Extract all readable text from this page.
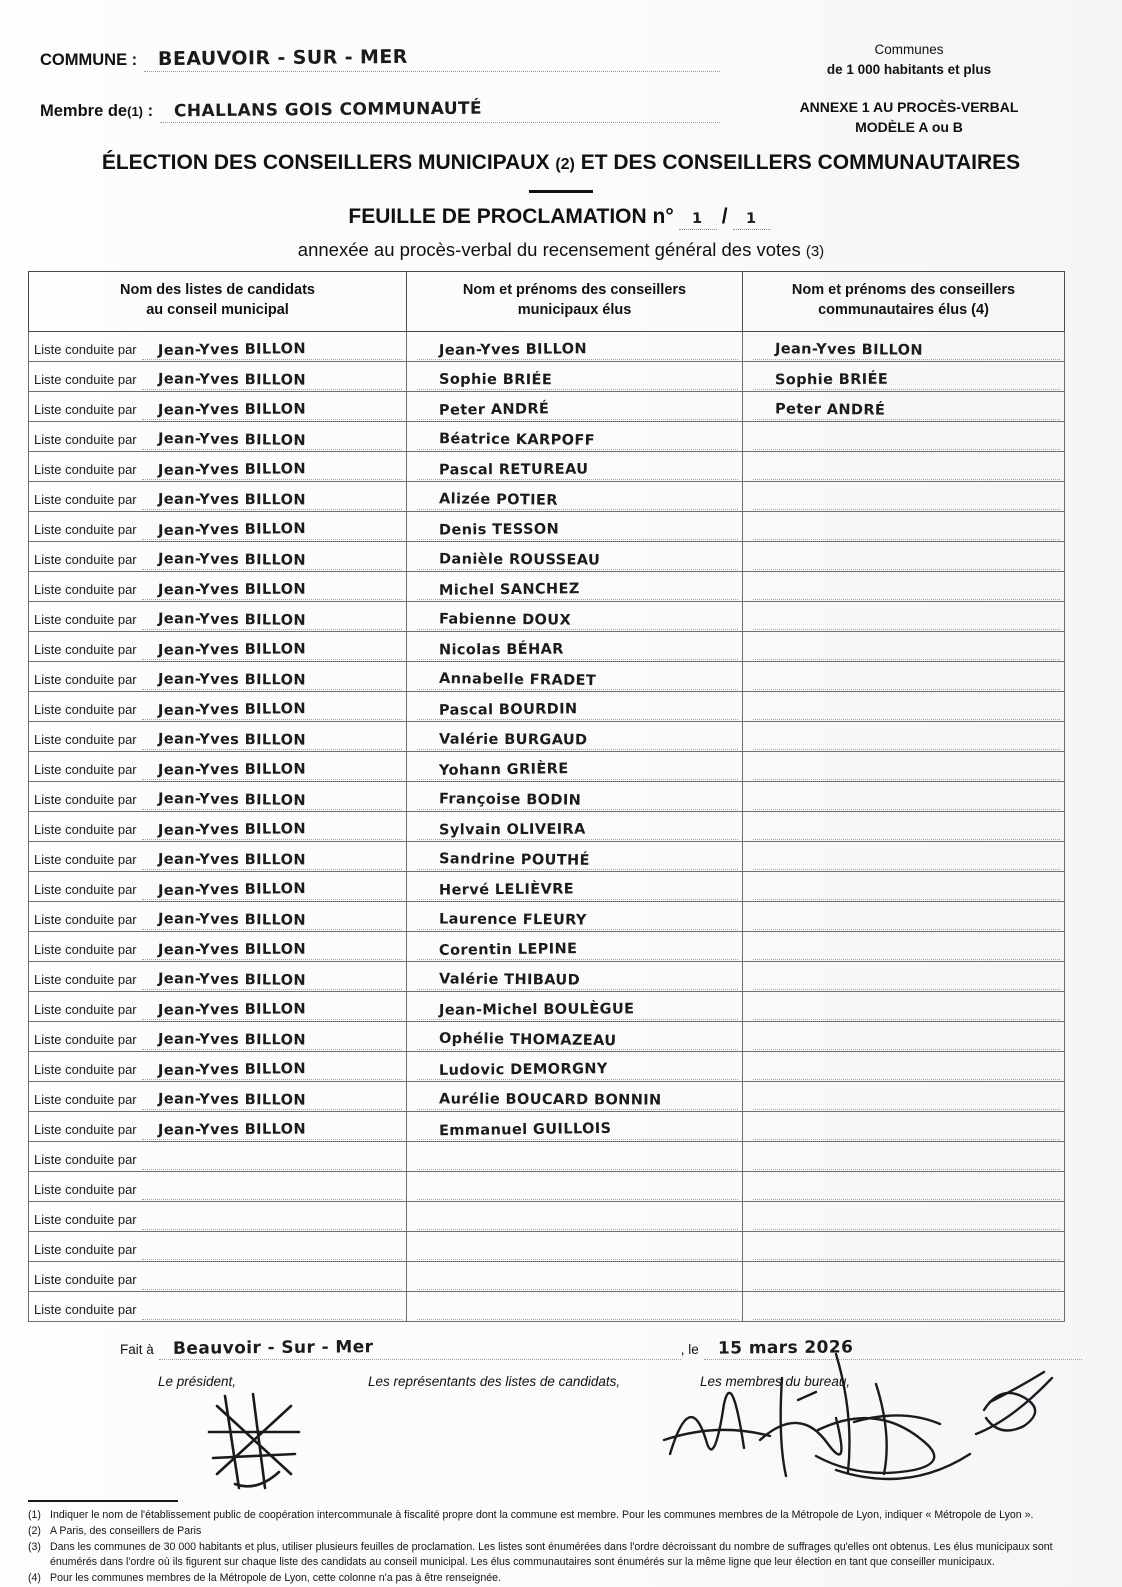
COMMUNE : BEAUVOIR - SUR - MER
Membre de(1) : CHALLANS GOIS COMMUNAUTÉ
Communes
de 1 000 habitants et plus
ANNEXE 1 AU PROCÈS-VERBAL
MODÈLE A ou B
ÉLECTION DES CONSEILLERS MUNICIPAUX (2) ET DES CONSEILLERS COMMUNAUTAIRES
FEUILLE DE PROCLAMATION n°	1 /	1
annexée au procès-verbal du recensement général des votes (3)
Nom des listes de candidats
au conseil municipal

Nom et prénoms des conseillers
municipaux élus

Nom et prénoms des conseillers
communautaires élus (4)

Liste conduite par Jean-Yves BILLON	Jean-Yves BILLON	Jean-Yves BILLON

Liste conduite par Jean-Yves BILLON	Sophie BRIÉE	Sophie BRIÉE

Liste conduite par Jean-Yves BILLON	Peter ANDRÉ	Peter ANDRÉ

Liste conduite par Jean-Yves BILLON	Béatrice KARPOFF	

Liste conduite par Jean-Yves BILLON	Pascal RETUREAU	

Liste conduite par Jean-Yves BILLON	Alizée POTIER	

Liste conduite par Jean-Yves BILLON	Denis TESSON	

Liste conduite par Jean-Yves BILLON	Danièle ROUSSEAU	

Liste conduite par Jean-Yves BILLON	Michel SANCHEZ	

Liste conduite par Jean-Yves BILLON	Fabienne DOUX	

Liste conduite par Jean-Yves BILLON	Nicolas BÉHAR	

Liste conduite par Jean-Yves BILLON	Annabelle FRADET	

Liste conduite par Jean-Yves BILLON	Pascal BOURDIN	

Liste conduite par Jean-Yves BILLON	Valérie BURGAUD	

Liste conduite par Jean-Yves BILLON	Yohann GRIÈRE	

Liste conduite par Jean-Yves BILLON	Françoise BODIN	

Liste conduite par Jean-Yves BILLON	Sylvain OLIVEIRA	

Liste conduite par Jean-Yves BILLON	Sandrine POUTHÉ	

Liste conduite par Jean-Yves BILLON	Hervé LELIÈVRE	

Liste conduite par Jean-Yves BILLON	Laurence FLEURY	

Liste conduite par Jean-Yves BILLON	Corentin LEPINE	

Liste conduite par Jean-Yves BILLON	Valérie THIBAUD	

Liste conduite par Jean-Yves BILLON	Jean-Michel BOULÈGUE	

Liste conduite par Jean-Yves BILLON	Ophélie THOMAZEAU	

Liste conduite par Jean-Yves BILLON	Ludovic DEMORGNY	

Liste conduite par Jean-Yves BILLON	Aurélie BOUCARD BONNIN	

Liste conduite par Jean-Yves BILLON	Emmanuel GUILLOIS	

Liste conduite par		

Liste conduite par		

Liste conduite par		

Liste conduite par		

Liste conduite par		

Liste conduite par		

Fait à Beauvoir - Sur - Mer	, le 15 mars 2026
Le président,	Les représentants des listes de candidats,	Les membres du bureau,
(1) Indiquer le nom de l'établissement public de coopération intercommunale à fiscalité propre dont la commune est membre. Pour les communes membres de la Métropole de Lyon, indiquer « Métropole de Lyon ».
(2) A Paris, des conseillers de Paris
(3) Dans les communes de 30 000 habitants et plus, utiliser plusieurs feuilles de proclamation. Les listes sont énumérées dans l'ordre décroissant du nombre de suffrages qu'elles ont obtenus. Les élus municipaux sont énumérés dans l'ordre où ils figurent sur chaque liste des candidats au conseil municipal. Les élus communautaires sont énumérés sur la même ligne que leur élection en tant que conseiller municipaux.
(4) Pour les communes membres de la Métropole de Lyon, cette colonne n'a pas à être renseignée.
